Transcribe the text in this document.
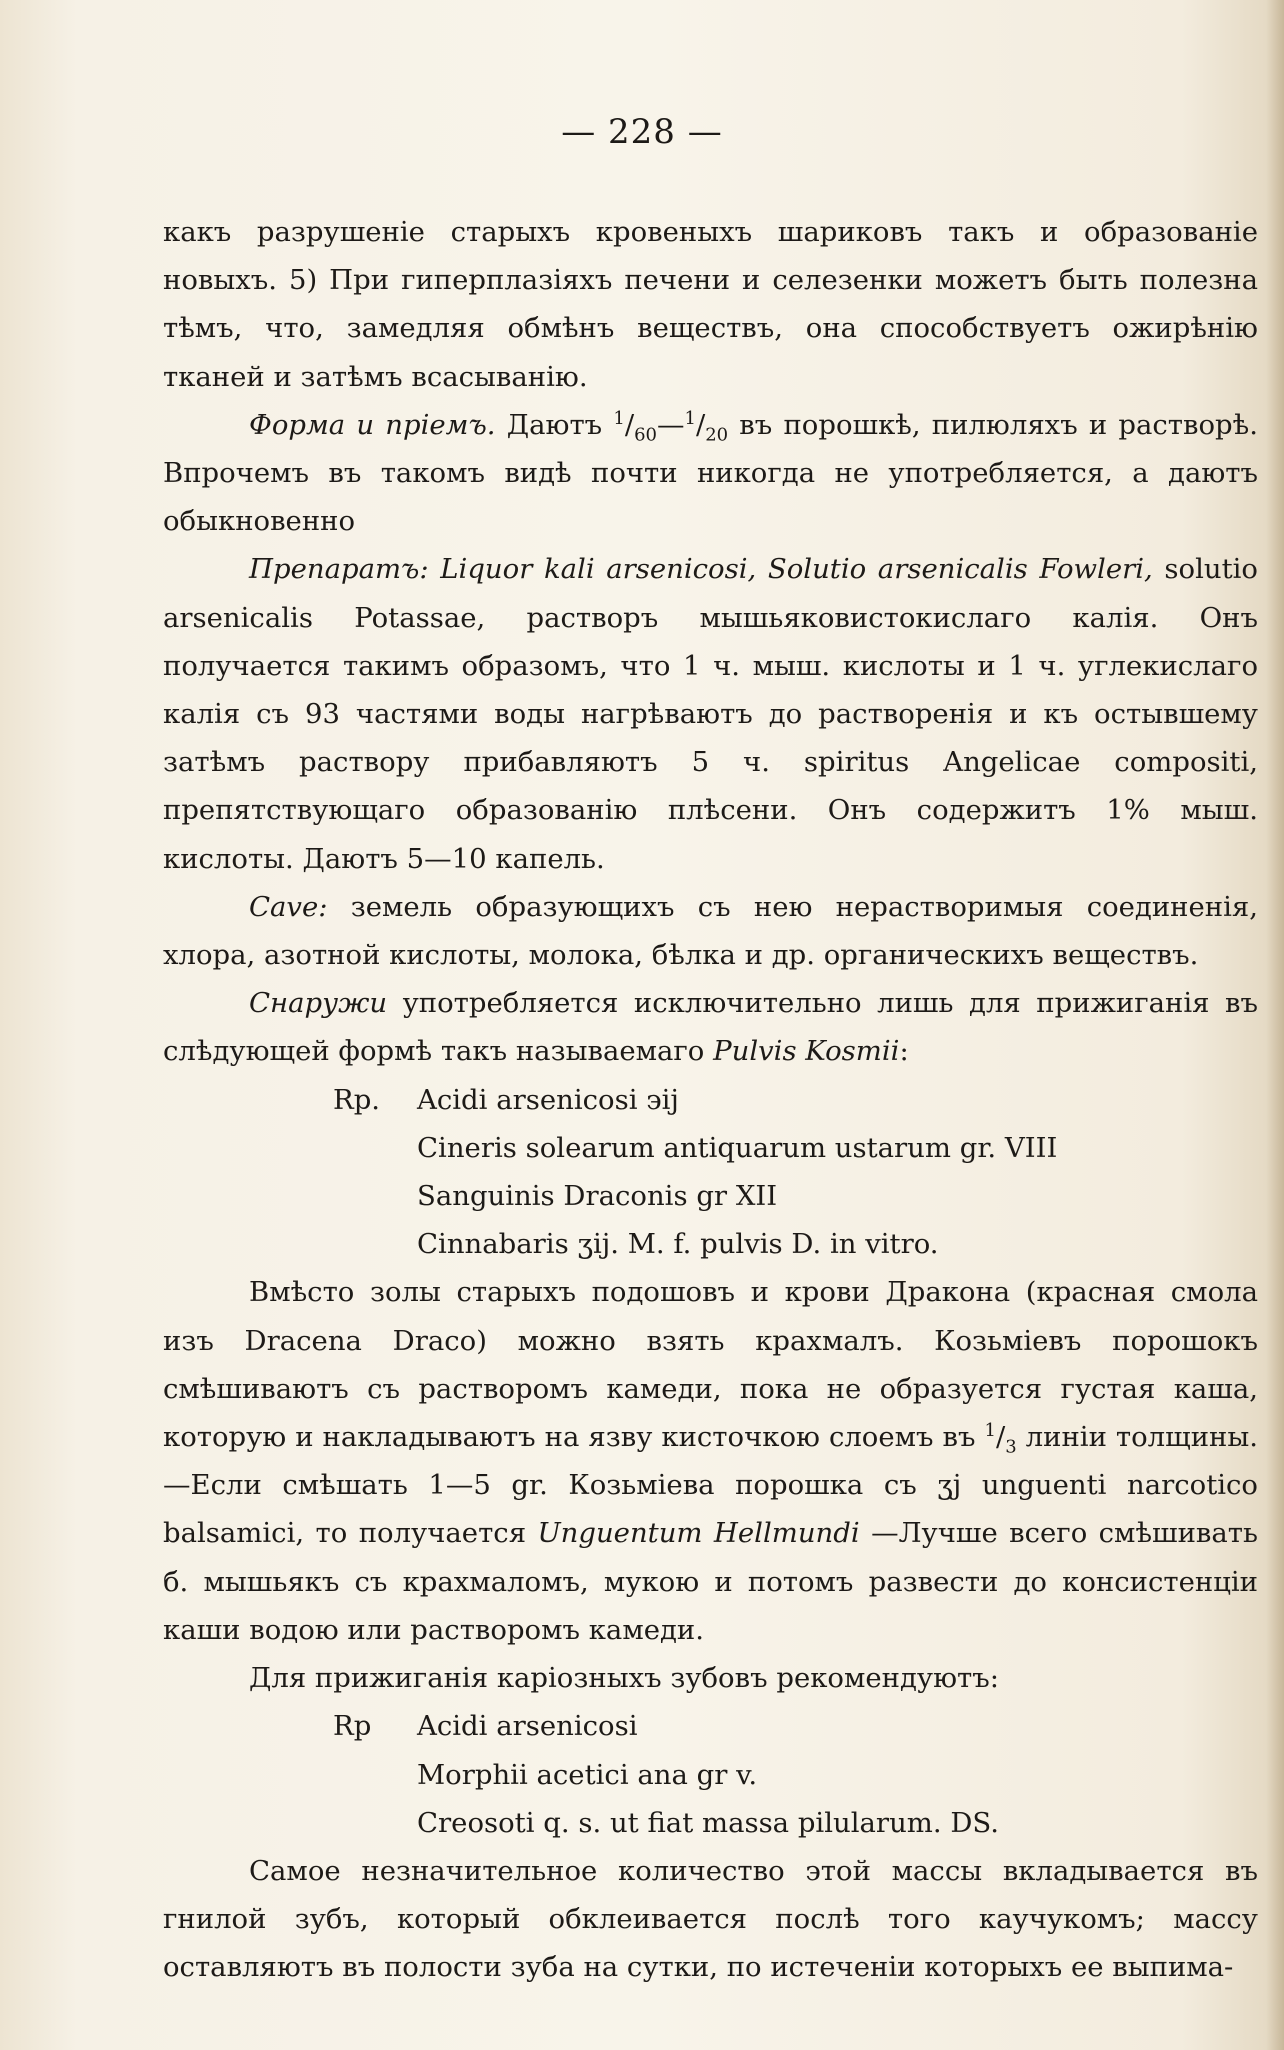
— 228 —

какъ разрушеніе старыхъ кровеныхъ шариковъ такъ и образованіе новыхъ. 5) При гиперплазіяхъ печени и селезенки можетъ быть полезна тѣмъ, что, замедляя обмѣнъ веществъ, она способствуетъ ожирѣнію тканей и затѣмъ всасыванію.

Форма и пріемъ. Даютъ $^1/_{60}—^1/_{20}$ въ порошкѣ, пилюляхъ и растворѣ. Впрочемъ въ такомъ видѣ почти никогда не употребляется, а даютъ обыкновенно

Препаратъ: Liquor kali arsenicosi, Solutio arsenicalis Fowleri, solutio arsenicalis Potassae, растворъ мышьяковистокислаго калія. Онъ получается такимъ образомъ, что 1 ч. мыш. кислоты и 1 ч. углекислаго калія съ 93 частями воды нагрѣваютъ до растворенія и къ остывшему затѣмъ раствору прибавляютъ 5 ч. spiritus Angelicae compositi, препятствующаго образованію плѣсени. Онъ содержитъ 1% мыш. кислоты. Даютъ 5—10 капель.

Cave: земель образующихъ съ нею нерастворимыя соединенія, хлора, азотной кислоты, молока, бѣлка и др. органическихъ веществъ.

Снаружи употребляется исключительно лишь для прижиганія въ слѣдующей формѣ такъ называемаго Pulvis Kosmii:

Rp. Acidi arsenicosi ϶ij

Cineris solearum antiquarum ustarum gr. VIII

Sanguinis Draconis gr XII

Cinnabaris ʒij. M. f. pulvis D. in vitro.

Вмѣсто золы старыхъ подошовъ и крови Дракона (красная смола изъ Dracena Draco) можно взять крахмалъ. Козьміевъ порошокъ смѣшиваютъ съ растворомъ камеди, пока не образуется густая каша, которую и накладываютъ на язву кисточкою слоемъ въ $^1/_3$ линіи толщины.—Если смѣшать 1—5 gr. Козьміева порошка съ ʒj unguenti narcotico balsamici, то получается Unguentum Hellmundi —Лучше всего смѣшивать б. мышьякъ съ крахмаломъ, мукою и потомъ развести до консистенціи каши водою или растворомъ камеди.

Для прижиганія каріозныхъ зубовъ рекомендуютъ:

Rp Acidi arsenicosi

Morphii acetici ana gr v.

Creosoti q. s. ut fiat massa pilularum. DS.

Самое незначительное количество этой массы вкладывается въ гнилой зубъ, который обклеивается послѣ того каучукомъ; массу оставляютъ въ полости зуба на сутки, по истеченіи которыхъ ее выпима-
